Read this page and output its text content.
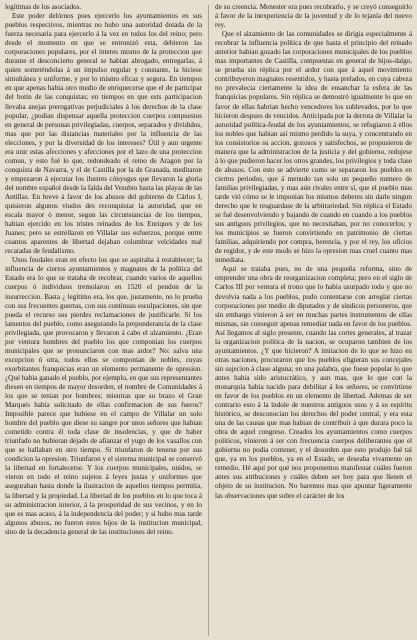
legítimas de los asociados.

Este poder delórnos pues ejercerlo los ayuntamientos en sus pueblos respectivos, mientras no hubo una autoridad dotada de la fuerza necesaria para ejercerlo á la vez en todos los del reino; pero desde el momento en que se entronizó esta, debieron las corporaciones populares, por el interes mismo de la proteccion que durante el desconcierto general se habian abrogado, entregarlas, á quien someténdolas á un impulso regular y constante, la hiciese simultánea y uniforme, y por lo mismo eficaz y segura. En tiempos en que apenas habia otro medio de enriquecerse que el de participar del botin de las conquistas; en tiempos en que ests participacion llevaba anejas prerogativas perjudiciales á los derechos de la clase popular, ¿podian dispensar aquella proteccion cuerpos compuestos en general de personas privilegiadas, cuerpos, separados y divididos, mas que por las distancias materiales por la influencia de las elecciones, y por la diversidad de los intereses? Útil y aun urgente era unir estas afecciones y afecciones por el lazo de una proteccion comun, y esto fué lo que, redondeado el reino de Aragon por la conquista de Navarra, y el de Castilla por la de Granada, meditaron y empezaron á ejecutar los ilustres cónyuges que llevaron la gloria del nombre español desde la falda del Vesubio hasta las playas de las Antillas. En breve á favor de los abusos del gobierno de Cárlos I, quisieron algunos viudos des reconquistar la autoridad, que en escala mayor ó menor, segun las circunstancias de los tiempos, habian ejercido en los tristes reinados de los Enriques y de los Juanes; pero se estrellaron en Villalar sus esfuerzos, porque entre cuantos aparentes de libertad dejaban columbrar velcidades mal recatadas de feudalismo.

Unos feudales eran en efecto los que se aspiraba á restablecer; la influencia de ciertos ayuntamientos y magnates de la política del Estado era lo que se trataba de recobrar, cuando varios de aquellos cuerpos ó individuos tremolaron en 1520 el pendon de la insurreccion. Basta ¿ legítimo era, los que, justamente, no lo prueba con sus frecuentes guerras, con sus contínuas esculpaciones, sin que pueda el recurso sus pierdes reclamaciones de justificarle. Si los lamentos del pueblo, como asegurando la preponderancia de la clase privilegiada, que provocaron y llevaron á cabo el alzamiento. ¿Eran por ventura hombres del pueblo los que componian los cuerpos municipales que se pronunciaron con mas ardor? No: salva una excepcion ú otra, todos ellos se componian de nobles, cuyas exorbitantes franquicias eran un elemento permanente de opresion. ¿Qué habia ganado el pueblo, por ejemplo, en que sus representantes diesen en tiempos de mayor desorden, el nombre de Comunidades á los que se tenian por hombres; mientras que su brazo el Gran Marqués habia solicitado de ellas confirmacion de sus fueros? Imposible parece que hubiese en el campo de Villalar un solo hombre del pueblo que diese su sangre por unos señores que habian cometido contra él toda clase de insolencias, y que de haber triunfado no hubieran dejado de afianzar el yugo de los vasallos con que se hallaban en otro tiempo. Si triunfaron de tenerse por sus condicion la opresion. Triunfaron y el sistema municipal se conservó la libertad en fortalecerse. Y los cuerpos municipales, unidos, se vieron en todo el reino sujetos á leyes justas y uniformes que aseguraban hasta donde la ilustracion de aquellos tiempos permitia, la libertad y la propiedad. La libertad de los pueblos en lo que toca á su administracion interior, á la prosperidad de sus vecinos, y en lo que es mas acaso, á la independencia del poder; y si hubo mas tarde algunos abusos, no fueron estos hijos de la institucion municipal, sino de la decadencia general de las instituciones del reino.

de su creencia. Menester era pues recobrarlo, y se creyó conseguirlo á favor de la inexperiencia de la juventud y de lo tejanía del nuevo rey.

Que el alzamiento de las comunidades se dirigia especialmente á recobrar la influencia política de que hasta el principio del reinado anterior habian gozado las corporaciones municipales de los pueblos mas importantes de Castilla, compuestas en general de hijos-dalgo, se prueba sin réplica por el ardor con que á aquel movimiento contribuyeron magnates resentidos, y hasta prelados, en cuya cabeza no prevalecia ciertamente la idea de ensanchar la esfera de las franquicias populares. Sin réplica se demostró igualmente lo que en favor de ellas habrian hecho vencedores los sublevados, por lo que hicieron despues de vencidos. Anticipada por la derrota de Villalar la autoridad política-feudal de los ayuntamientos, se refugiaron á ellos los nobles que habian así mismo perdido la suya, y concentrando en los consistorios su accion, gozosos y satisfechos, se propusieron de manera que la administracion de la justicia y del gobierno, redujese á lo que pudieron hacer los otros grandes, los privilegios y toda clase de abusos. Con esto se advierte como se separaron los pueblos en ciertos periodos, que á menudo tan solo un pequeño numero de familias privilegiadas, y mas aún rivales entre sí, que el pueblo mas tarde vió cómo se le imponian los mismos deberes sin darle ningun derecho que le resguardase de la arbitrariedad. Sin réplica el Estado se fué desenvolviendo y bajando de cuando en cuando a los pueblos sus antiguos privilegios, que no necesitaban, por no conocerlos; y los municipios se fueron convirtiendo en patrimonio de ciertas familias, adquiriendo por compra, herencia, y por el rey, los oficios de regidor, y de este modo se hizo la opresion mas cruel cuanto mas inmediata.

Aquí se trataba pues, no de una pequeña reforma, sino de emprender una obra de reorganizacion completa; pero en el siglo de Carlos III por ventura el trono que lo habia usurpado todo y que no devolvia nada a los pueblos, pudo contentarse con arreglar ciertas corporaciones por medio de diputados y de síndicos personeros, que sin embargo vinieron á ser en muchas partes instrumentos de ellas mismas, sin conseguir apenas remediar nada en favor de los pueblos. Así llegamos al siglo presente, cuando las cortes generales, al trazar la organizacion política de la nacion, se ocuparon tambien de los ayuntamientos. ¿Y que hicieron? A imitacion de lo que se hizo en otras naciones, procuraron que los pueblos eligieran sus concejales sin sujecion á clase alguna; en una palabra, que fuese popular lo que antes habia sido aristocrático, y aun mas, que lo que con la monarquía habia nacido para debilitar á los señores, se convirtiese en favor de los pueblos en un elemento de libertad. Ademas de ser contrario esto á la índole de nuestros antiguos usos y á su espíritu histórico, se desconocian los derechos del poder central, y era esta una de las causas que mas habian de contribuir á que durara poco la obra de aquel congreso. Creados los ayuntamientos como cuerpos políticos, vinieron á ser con frecuencia cuerpos deliberantes que el gobierno no podia contener, y el desorden que esto produjo fué tal que, ya en los pueblos, ya en el Estado, se deseaba vivamente un remedio. Hé aquí por qué nos proponemos manifestar cuáles fueron antes sus atribuciones y cuáles deben ser hoy para que llenen el objeto de su institucion. No haremos mas que apuntar ligeramente las observaciones que sobre el carácter de los
